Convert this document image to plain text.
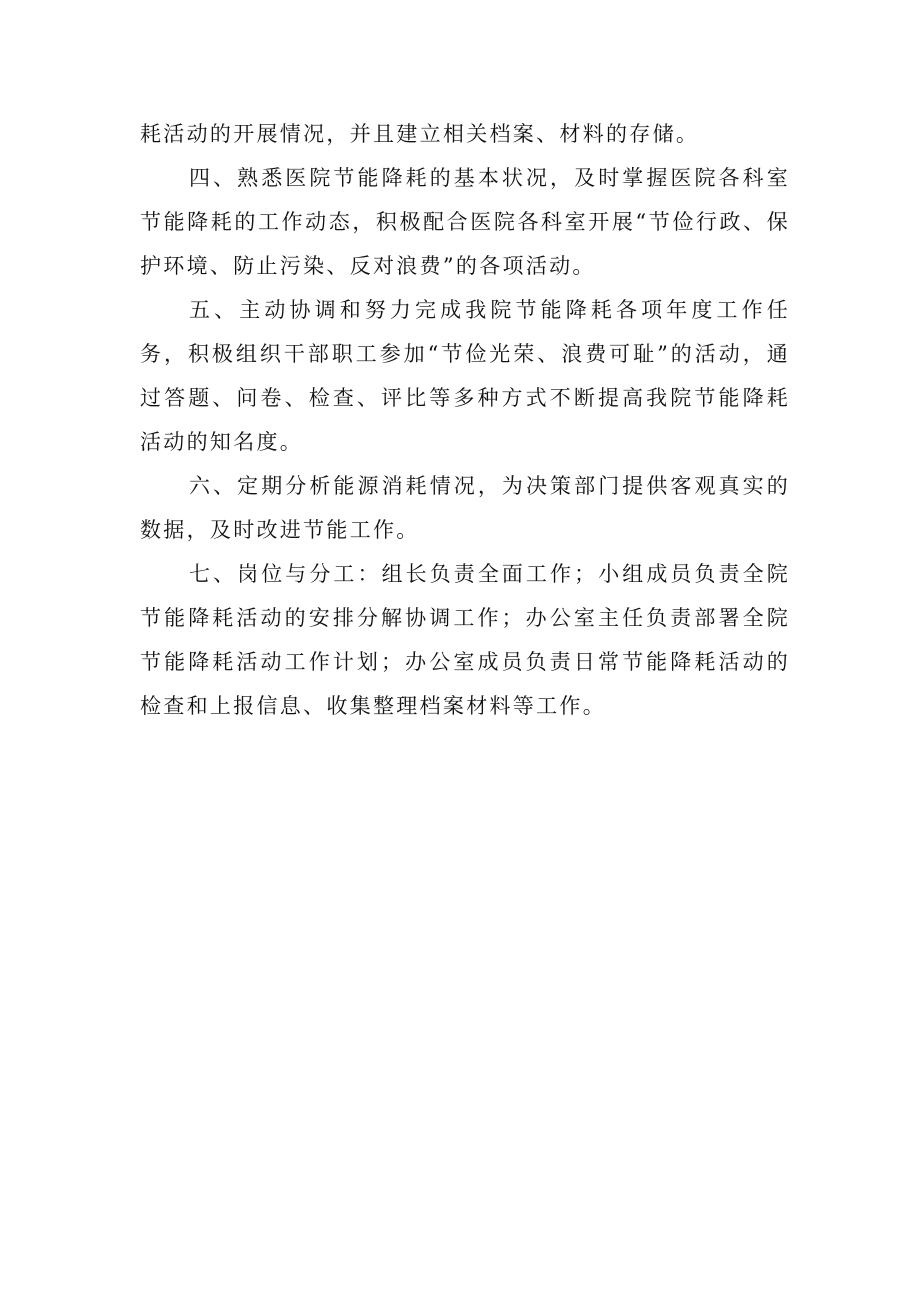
耗活动的开展情况，并且建立相关档案、材料的存储。

四、熟悉医院节能降耗的基本状况，及时掌握医院各科室节能降耗的工作动态，积极配合医院各科室开展“节俭行政、保护环境、防止污染、反对浪费”的各项活动。

五、主动协调和努力完成我院节能降耗各项年度工作任务，积极组织干部职工参加“节俭光荣、浪费可耻”的活动，通过答题、问卷、检查、评比等多种方式不断提高我院节能降耗活动的知名度。

六、定期分析能源消耗情况，为决策部门提供客观真实的数据，及时改进节能工作。

七、岗位与分工：组长负责全面工作；小组成员负责全院节能降耗活动的安排分解协调工作；办公室主任负责部署全院节能降耗活动工作计划；办公室成员负责日常节能降耗活动的检查和上报信息、收集整理档案材料等工作。
